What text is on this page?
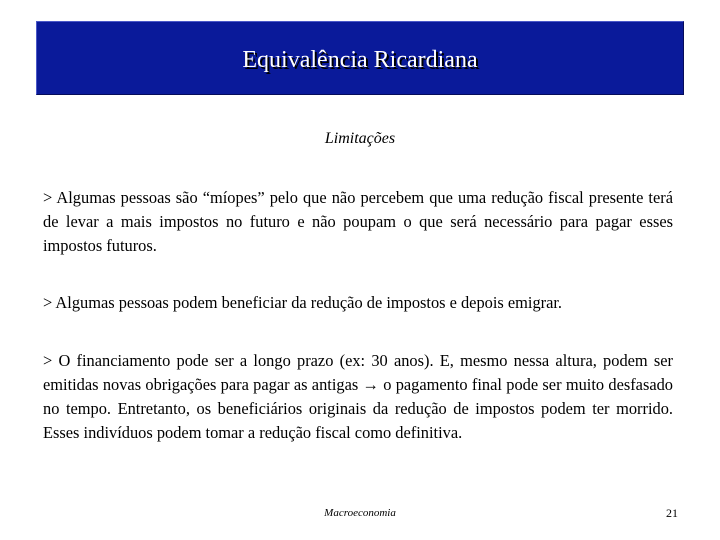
Equivalência Ricardiana
Limitações

> Algumas pessoas são “míopes” pelo que não percebem que uma redução fiscal presente terá de levar a mais impostos no futuro e não poupam o que será necessário para pagar esses impostos futuros.

> Algumas pessoas podem beneficiar da redução de impostos e depois emigrar.

> O financiamento pode ser a longo prazo (ex: 30 anos). E, mesmo nessa altura, podem ser emitidas novas obrigações para pagar as antigas → o pagamento final pode ser muito desfasado no tempo. Entretanto, os beneficiários originais da redução de impostos podem ter morrido. Esses indivíduos podem tomar a redução fiscal como definitiva.

Macroeconomia	21
